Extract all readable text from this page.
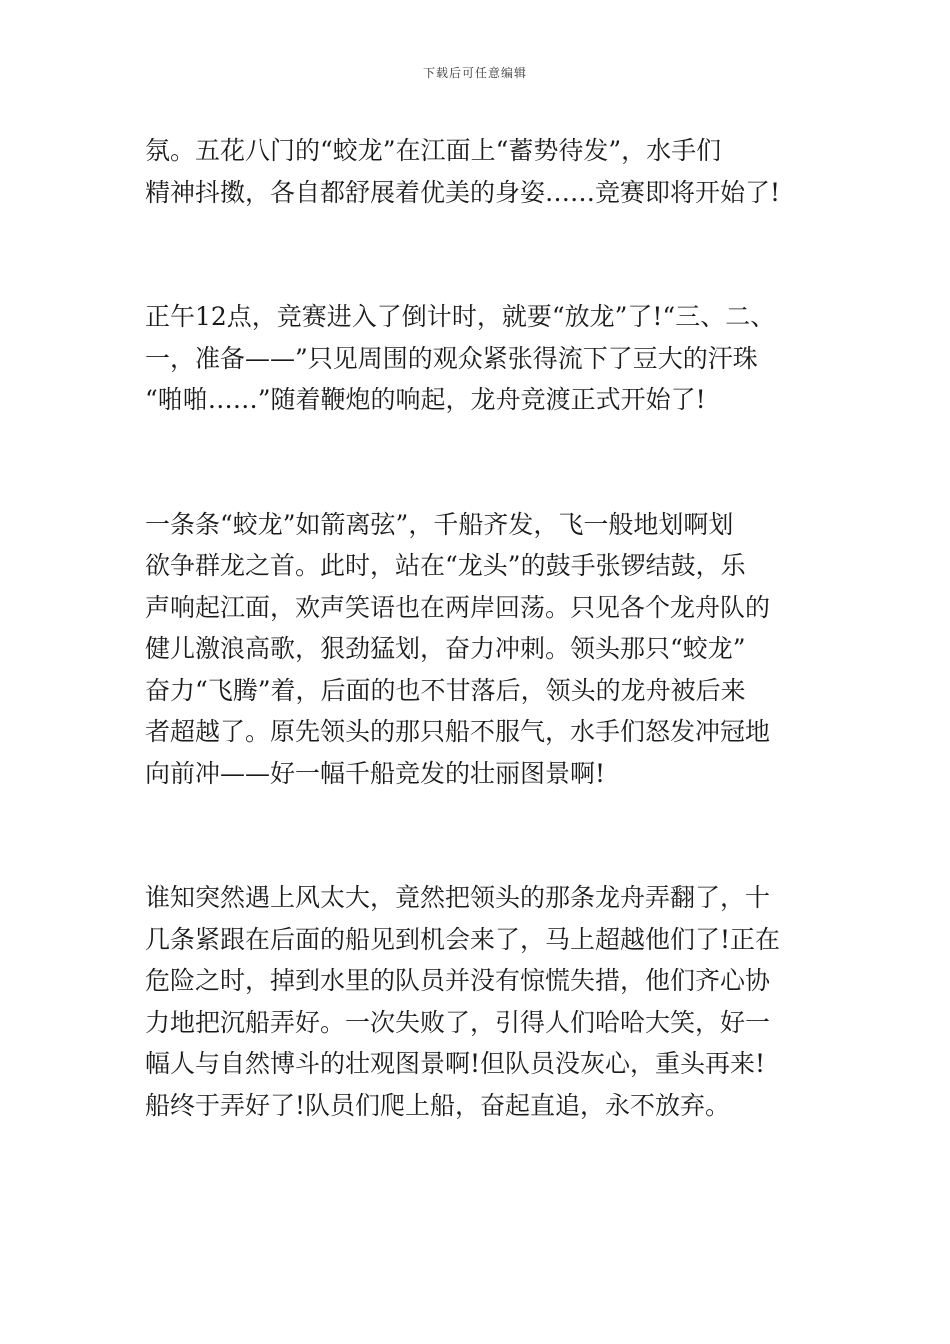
下载后可任意编辑
氛。五花八门的“蛟龙”在江面上“蓄势待发”，水手们
精神抖擞，各自都舒展着优美的身姿……竞赛即将开始了!
正午12点，竞赛进入了倒计时，就要“放龙”了!“三、二、
一，准备——”只见周围的观众紧张得流下了豆大的汗珠
“啪啪……”随着鞭炮的响起，龙舟竞渡正式开始了!
一条条“蛟龙”如箭离弦”，千船齐发，飞一般地划啊划
欲争群龙之首。此时，站在“龙头”的鼓手张锣结鼓，乐
声响起江面，欢声笑语也在两岸回荡。只见各个龙舟队的
健儿激浪高歌，狠劲猛划，奋力冲刺。领头那只“蛟龙”
奋力“飞腾”着，后面的也不甘落后，领头的龙舟被后来
者超越了。原先领头的那只船不服气，水手们怒发冲冠地
向前冲——好一幅千船竞发的壮丽图景啊!
谁知突然遇上风太大，竟然把领头的那条龙舟弄翻了，十
几条紧跟在后面的船见到机会来了，马上超越他们了!正在
危险之时，掉到水里的队员并没有惊慌失措，他们齐心协
力地把沉船弄好。一次失败了，引得人们哈哈大笑，好一
幅人与自然博斗的壮观图景啊!但队员没灰心，重头再来!
船终于弄好了!队员们爬上船，奋起直追，永不放弃。
